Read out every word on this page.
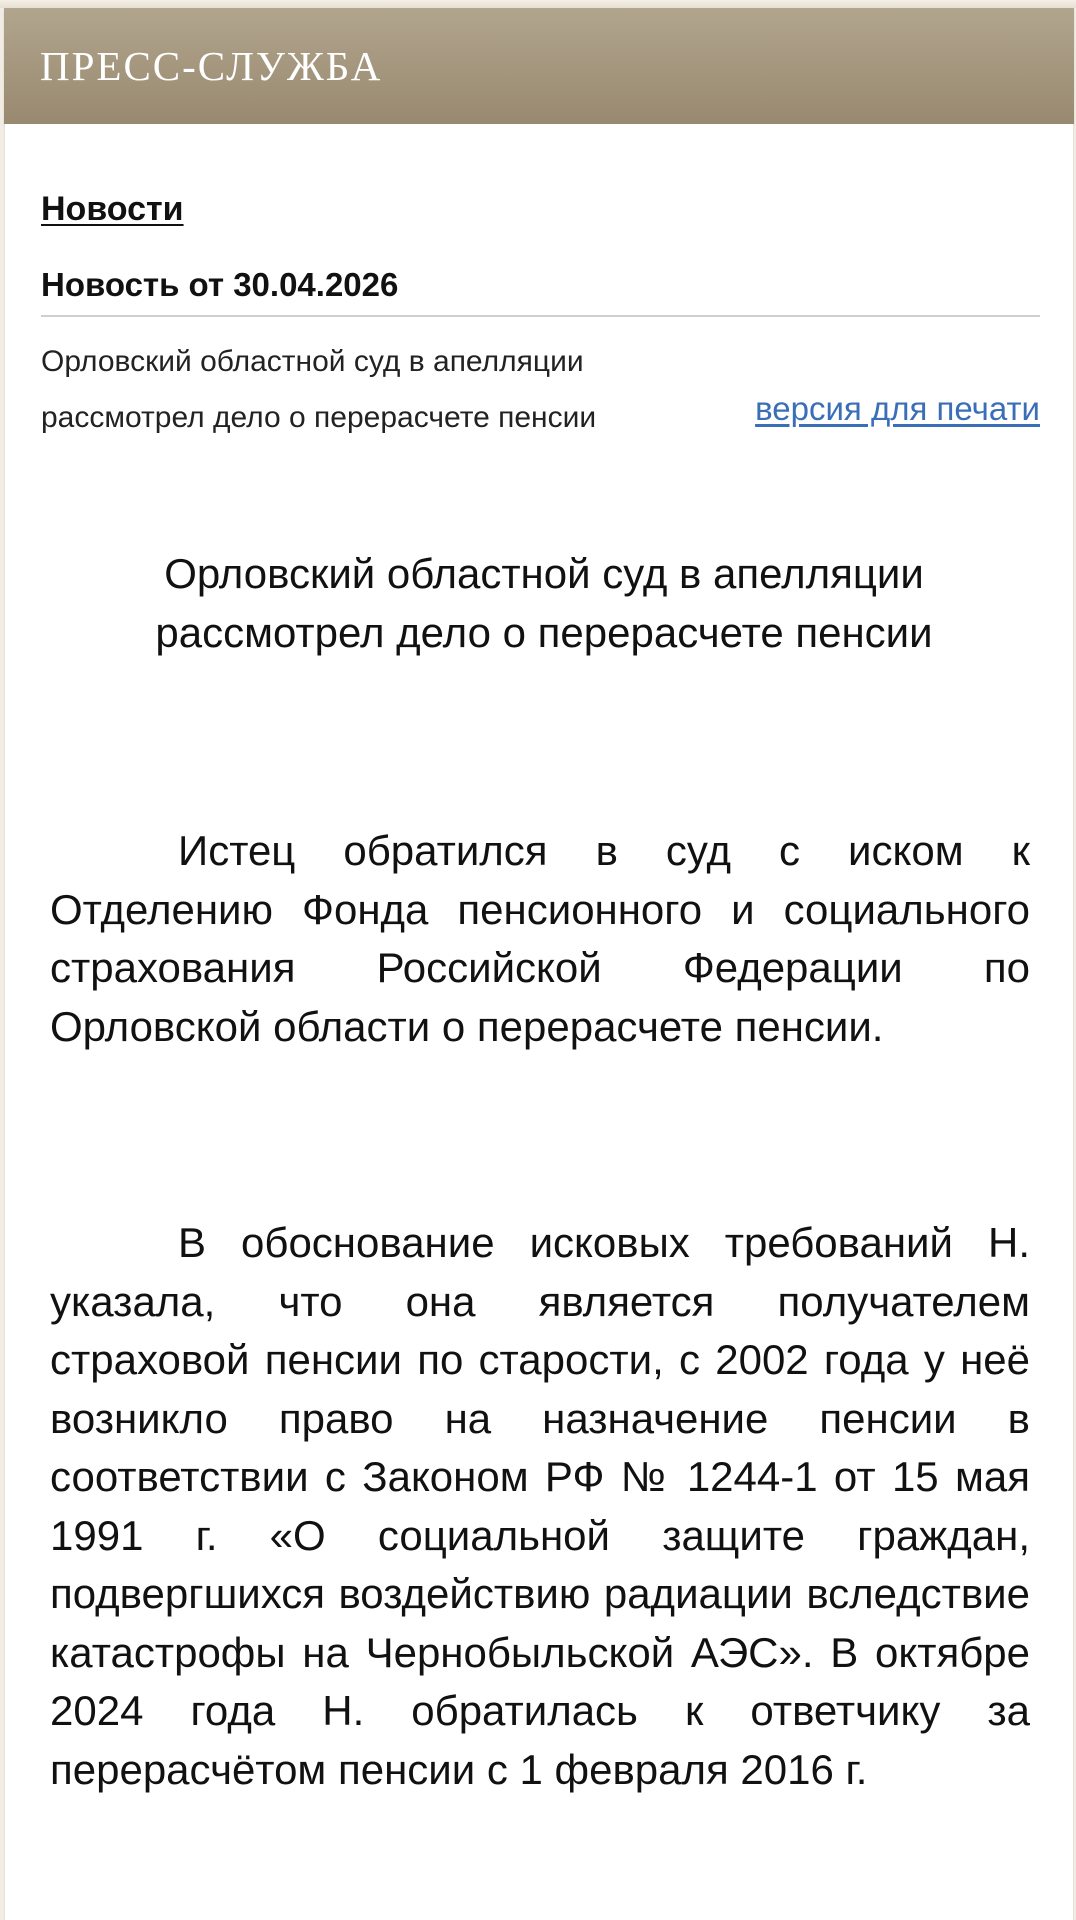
ПРЕСС-СЛУЖБА
Новости
Новость от 30.04.2026
Орловский областной суд в апелляции рассмотрел дело о перерасчете пенсии	версия для печати
Орловский областной суд в апелляции рассмотрел дело о перерасчете пенсии

Истец обратился в суд с иском к Отделению Фонда пенсионного и социального страхования Российской Федерации по Орловской области о перерасчете пенсии.

В обоснование исковых требований Н. указала, что она является получателем страховой пенсии по старости, с 2002 года у неё возникло право на назначение пенсии в соответствии с Законом РФ № 1244-1 от 15 мая 1991 г. «О социальной защите граждан, подвергшихся воздействию радиации вследствие катастрофы на Чернобыльской АЭС». В октябре 2024 года Н. обратилась к ответчику за перерасчётом пенсии с 1 февраля 2016 г.
